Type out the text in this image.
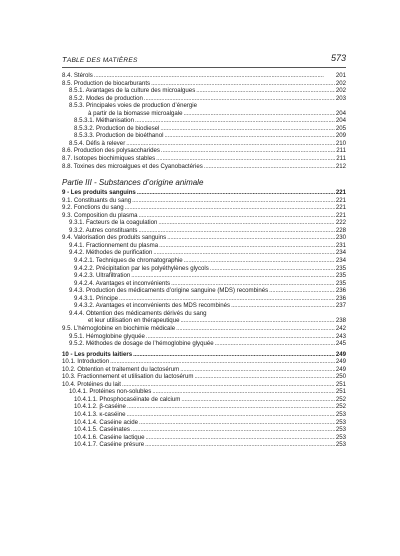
TABLE DES MATIÈRES	573
8.4. Stérols . . .	201
8.5. Production de biocarburants . . .	202
8.5.1. Avantages de la culture des microalgues . . .	202
8.5.2. Modes de production . . .	203
8.5.3. Principales voies de production d’énergie
à partir de la biomasse microalgale . . .	204
8.5.3.1. Méthanisation . . .	204
8.5.3.2. Production de biodiesel . . .	205
8.5.3.3. Production de bioéthanol . . .	209
8.5.4. Défis à relever . . .	210
8.6. Production des polysaccharides . . .	211
8.7. Isotopes biochimiques stables . . .	211
8.8. Toxines des microalgues et des Cyanobactéries . . .	212
Partie III - Substances d’origine animale
9 - Les produits sanguins . . .	221
9.1. Constituants du sang . . .	221
9.2. Fonctions du sang . . .	221
9.3. Composition du plasma . . .	221
9.3.1. Facteurs de la coagulation . . .	222
9.3.2. Autres constituants . . .	228
9.4. Valorisation des produits sanguins . . .	230
9.4.1. Fractionnement du plasma . . .	231
9.4.2. Méthodes de purification . . .	234
9.4.2.1. Techniques de chromatographie . . .	234
9.4.2.2. Précipitation par les polyéthylènes glycols . . .	235
9.4.2.3. Ultrafiltration . . .	235
9.4.2.4. Avantages et inconvénients . . .	235
9.4.3. Production des médicaments d’origine sanguine (MDS) recombinés . . .	236
9.4.3.1. Principe . . .	236
9.4.3.2. Avantages et inconvénients des MDS recombinés . . .	237
9.4.4. Obtention des médicaments dérivés du sang
et leur utilisation en thérapeutique . . .	238
9.5. L’hémoglobine en biochimie médicale . . .	242
9.5.1. Hémoglobine glyquée . . .	243
9.5.2. Méthodes de dosage de l’hémoglobine glyquée . . .	245
10 - Les produits laitiers . . .	249
10.1. Introduction . . .	249
10.2. Obtention et traitement du lactosérum . . .	249
10.3. Fractionnement et utilisation du lactosérum . . .	250
10.4. Protéines du lait . . .	251
10.4.1. Protéines non-solubles . . .	251
10.4.1.1. Phosphocaséinate de calcium . . .	252
10.4.1.2. β-caséine . . .	252
10.4.1.3. κ-caséine . . .	253
10.4.1.4. Caséine acide . . .	253
10.4.1.5. Caséinates . . .	253
10.4.1.6. Caséine lactique . . .	253
10.4.1.7. Caséine présure . . .	253
